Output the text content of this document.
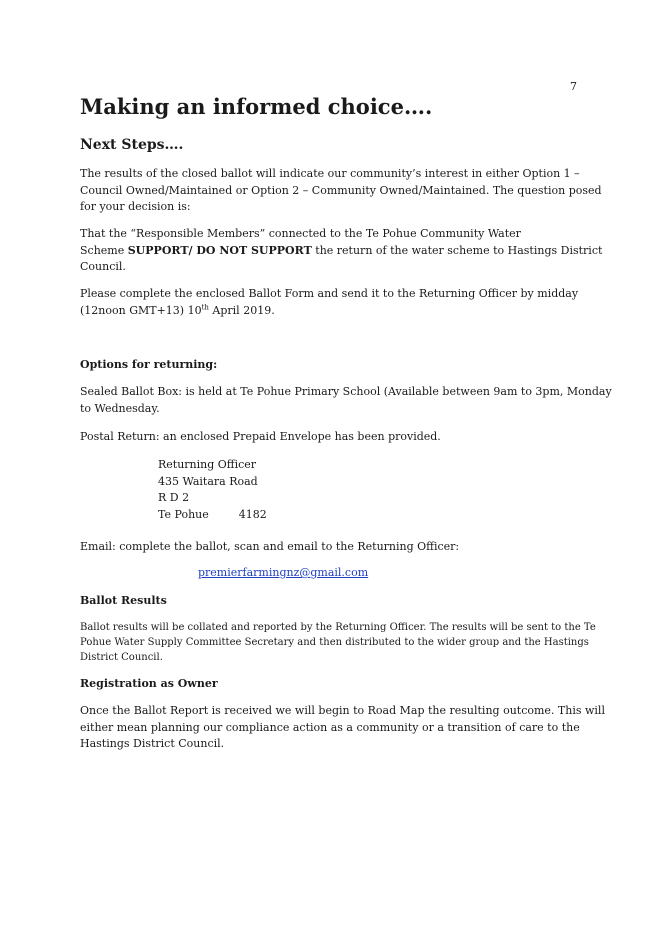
7
Making an informed choice….
Next Steps….

The results of the closed ballot will indicate our community’s interest in either Option 1 –
Council Owned/Maintained or Option 2 – Community Owned/Maintained. The question posed
for your decision is:

That the “Responsible Members” connected to the Te Pohue Community Water
Scheme SUPPORT/ DO NOT SUPPORT the return of the water scheme to Hastings District
Council.

Please complete the enclosed Ballot Form and send it to the Returning Officer by midday
(12noon GMT+13) 10th April 2019.

Options for returning:

Sealed Ballot Box: is held at Te Pohue Primary School (Available between 9am to 3pm, Monday
to Wednesday.

Postal Return: an enclosed Prepaid Envelope has been provided.

Returning Officer
435 Waitara Road
R D 2
Te Pohue	4182

Email: complete the ballot, scan and email to the Returning Officer:

premierfarmingnz@gmail.com
Ballot Results

Ballot results will be collated and reported by the Returning Officer. The results will be sent to the Te
Pohue Water Supply Committee Secretary and then distributed to the wider group and the Hastings
District Council.

Registration as Owner

Once the Ballot Report is received we will begin to Road Map the resulting outcome. This will
either mean planning our compliance action as a community or a transition of care to the
Hastings District Council.
